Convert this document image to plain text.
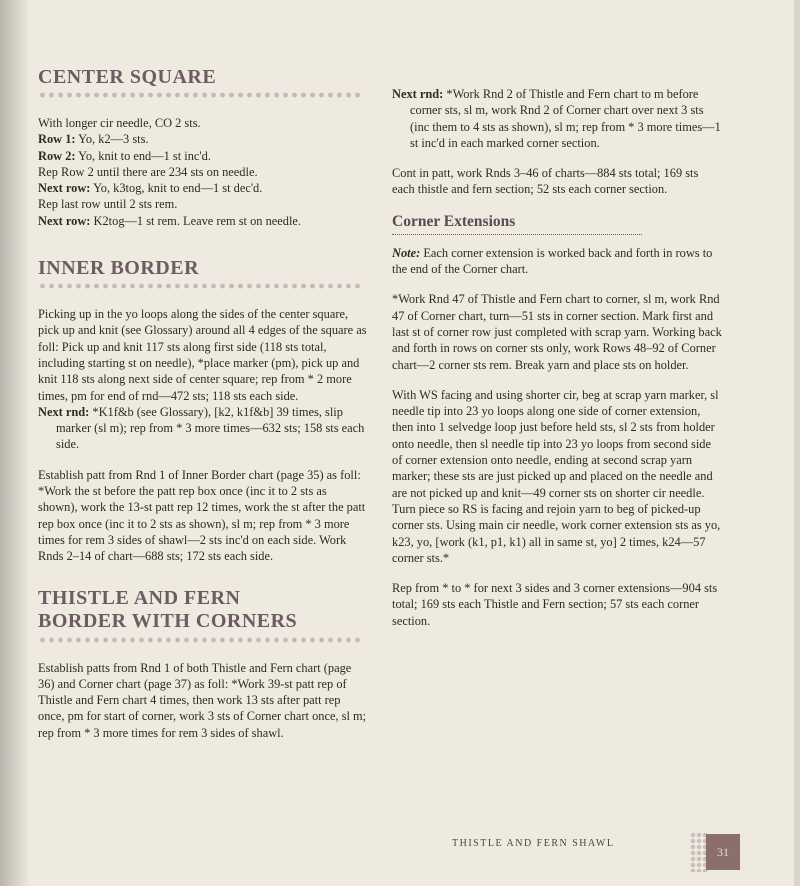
CENTER SQUARE

With longer cir needle, CO 2 sts.

Row 1: Yo, k2—3 sts.

Row 2: Yo, knit to end—1 st inc'd.

Rep Row 2 until there are 234 sts on needle.

Next row: Yo, k3tog, knit to end—1 st dec'd.

Rep last row until 2 sts rem.

Next row: K2tog—1 st rem. Leave rem st on needle.

INNER BORDER

Picking up in the yo loops along the sides of the center square, pick up and knit (see Glossary) around all 4 edges of the square as foll: Pick up and knit 117 sts along first side (118 sts total, including starting st on needle), *place marker (pm), pick up and knit 118 sts along next side of center square; rep from * 2 more times, pm for end of rnd—472 sts; 118 sts each side.

Next rnd: *K1f&b (see Glossary), [k2, k1f&b] 39 times, slip marker (sl m); rep from * 3 more times—632 sts; 158 sts each side.

Establish patt from Rnd 1 of Inner Border chart (page 35) as foll: *Work the st before the patt rep box once (inc it to 2 sts as shown), work the 13-st patt rep 12 times, work the st after the patt rep box once (inc it to 2 sts as shown), sl m; rep from * 3 more times for rem 3 sides of shawl—2 sts inc'd on each side. Work Rnds 2–14 of chart—688 sts; 172 sts each side.

THISTLE AND FERN
BORDER WITH CORNERS

Establish patts from Rnd 1 of both Thistle and Fern chart (page 36) and Corner chart (page 37) as foll: *Work 39-st patt rep of Thistle and Fern chart 4 times, then work 13 sts after patt rep once, pm for start of corner, work 3 sts of Corner chart once, sl m; rep from * 3 more times for rem 3 sides of shawl.

Next rnd: *Work Rnd 2 of Thistle and Fern chart to m before corner sts, sl m, work Rnd 2 of Corner chart over next 3 sts (inc them to 4 sts as shown), sl m; rep from * 3 more times—1 st inc'd in each marked corner section.

Cont in patt, work Rnds 3–46 of charts—884 sts total; 169 sts each thistle and fern section; 52 sts each corner section.

Corner Extensions

Note: Each corner extension is worked back and forth in rows to the end of the Corner chart.

*Work Rnd 47 of Thistle and Fern chart to corner, sl m, work Rnd 47 of Corner chart, turn—51 sts in corner section. Mark first and last st of corner row just completed with scrap yarn. Working back and forth in rows on corner sts only, work Rows 48–92 of Corner chart—2 corner sts rem. Break yarn and place sts on holder.

With WS facing and using shorter cir, beg at scrap yarn marker, sl needle tip into 23 yo loops along one side of corner extension, then into 1 selvedge loop just before held sts, sl 2 sts from holder onto needle, then sl needle tip into 23 yo loops from second side of corner extension onto needle, ending at second scrap yarn marker; these sts are just picked up and placed on the needle and are not picked up and knit—49 corner sts on shorter cir needle. Turn piece so RS is facing and rejoin yarn to beg of picked-up corner sts. Using main cir needle, work corner extension sts as yo, k23, yo, [work (k1, p1, k1) all in same st, yo] 2 times, k24—57 corner sts.*

Rep from * to * for next 3 sides and 3 corner extensions—904 sts total; 169 sts each Thistle and Fern section; 57 sts each corner section.

THISTLE AND FERN SHAWL
31
